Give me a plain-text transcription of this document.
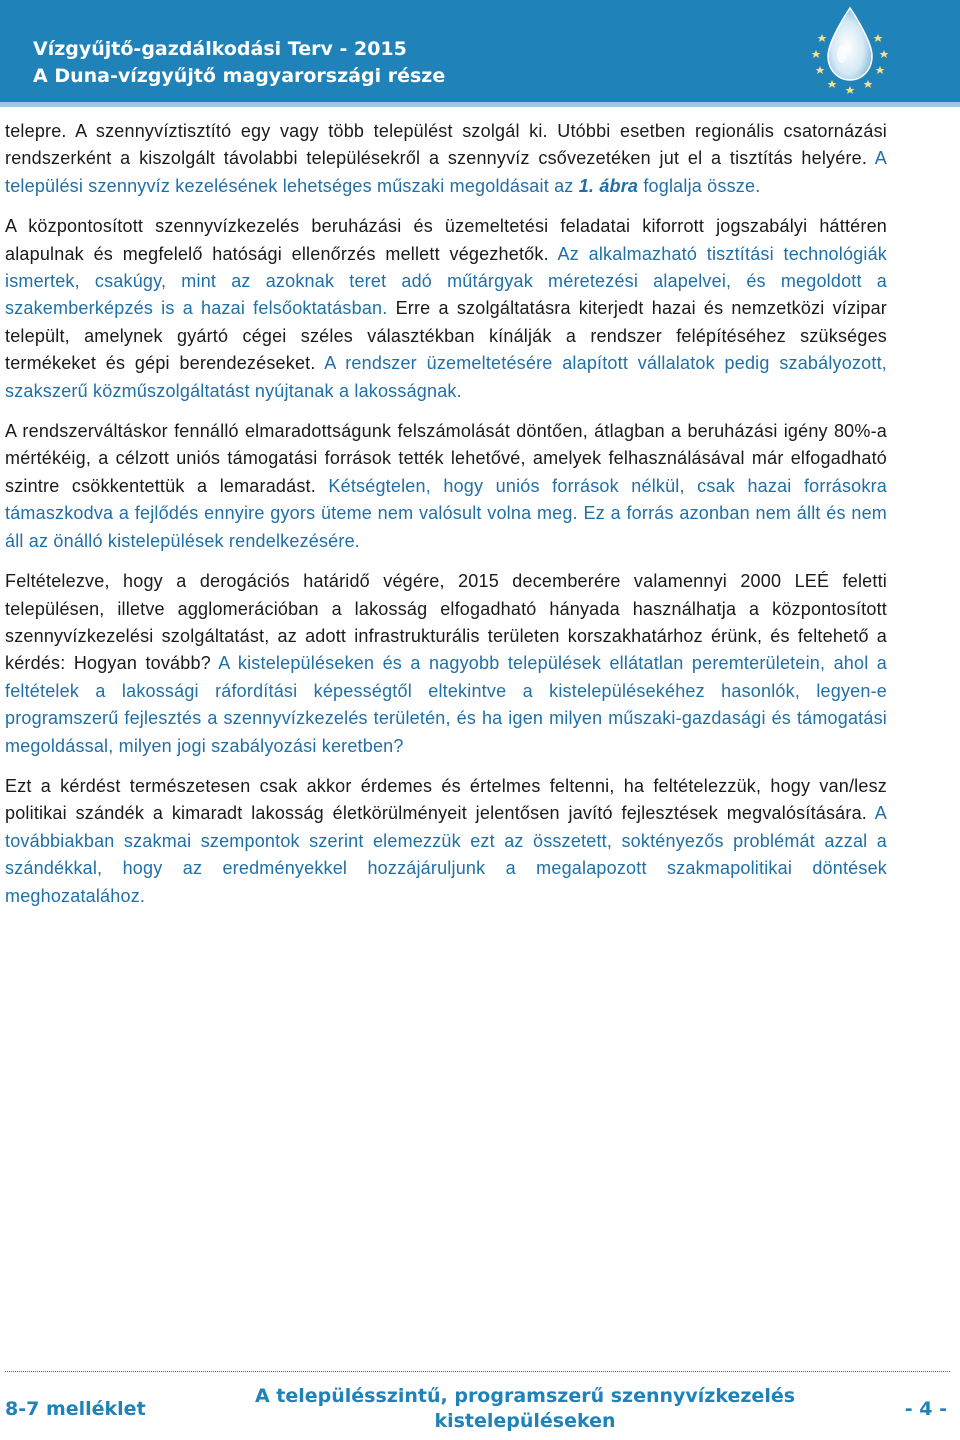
Vízgyűjtő-gazdálkodási Terv - 2015
A Duna-vízgyűjtő magyarországi része

telepre. A szennyvíztisztító egy vagy több települést szolgál ki. Utóbbi esetben regionális csatornázási rendszerként a kiszolgált távolabbi településekről a szennyvíz csővezetéken jut el a tisztítás helyére. A települési szennyvíz kezelésének lehetséges műszaki megoldásait az 1. ábra foglalja össze.

A központosított szennyvízkezelés beruházási és üzemeltetési feladatai kiforrott jogszabályi háttéren alapulnak és megfelelő hatósági ellenőrzés mellett végezhetők. Az alkalmazható tisztítási technológiák ismertek, csakúgy, mint az azoknak teret adó műtárgyak méretezési alapelvei, és megoldott a szakemberképzés is a hazai felsőoktatásban. Erre a szolgáltatásra kiterjedt hazai és nemzetközi vízipar települt, amelynek gyártó cégei széles választékban kínálják a rendszer felépítéséhez szükséges termékeket és gépi berendezéseket. A rendszer üzemeltetésére alapított vállalatok pedig szabályozott, szakszerű közműszolgáltatást nyújtanak a lakosságnak.

A rendszerváltáskor fennálló elmaradottságunk felszámolását döntően, átlagban a beruházási igény 80%-a mértékéig, a célzott uniós támogatási források tették lehetővé, amelyek felhasználásával már elfogadható szintre csökkentettük a lemaradást. Kétségtelen, hogy uniós források nélkül, csak hazai forrásokra támaszkodva a fejlődés ennyire gyors üteme nem valósult volna meg. Ez a forrás azonban nem állt és nem áll az önálló kistelepülések rendelkezésére.

Feltételezve, hogy a derogációs határidő végére, 2015 decemberére valamennyi 2000 LEÉ feletti településen, illetve agglomerációban a lakosság elfogadható hányada használhatja a központosított szennyvízkezelési szolgáltatást, az adott infrastrukturális területen korszakhatárhoz érünk, és feltehető a kérdés: Hogyan tovább? A kistelepüléseken és a nagyobb települések ellátatlan peremterületein, ahol a feltételek a lakossági ráfordítási képességtől eltekintve a kistelepülésekéhez hasonlók, legyen-e programszerű fejlesztés a szennyvízkezelés területén, és ha igen milyen műszaki-gazdasági és támogatási megoldással, milyen jogi szabályozási keretben?

Ezt a kérdést természetesen csak akkor érdemes és értelmes feltenni, ha feltételezzük, hogy van/lesz politikai szándék a kimaradt lakosság életkörülményeit jelentősen javító fejlesztések megvalósítására. A továbbiakban szakmai szempontok szerint elemezzük ezt az összetett, soktényezős problémát azzal a szándékkal, hogy az eredményekkel hozzájáruljunk a megalapozott szakmapolitikai döntések meghozatalához.

8-7 melléklet
A településszintű, programszerű szennyvízkezelés kistelepüléseken
- 4 -
